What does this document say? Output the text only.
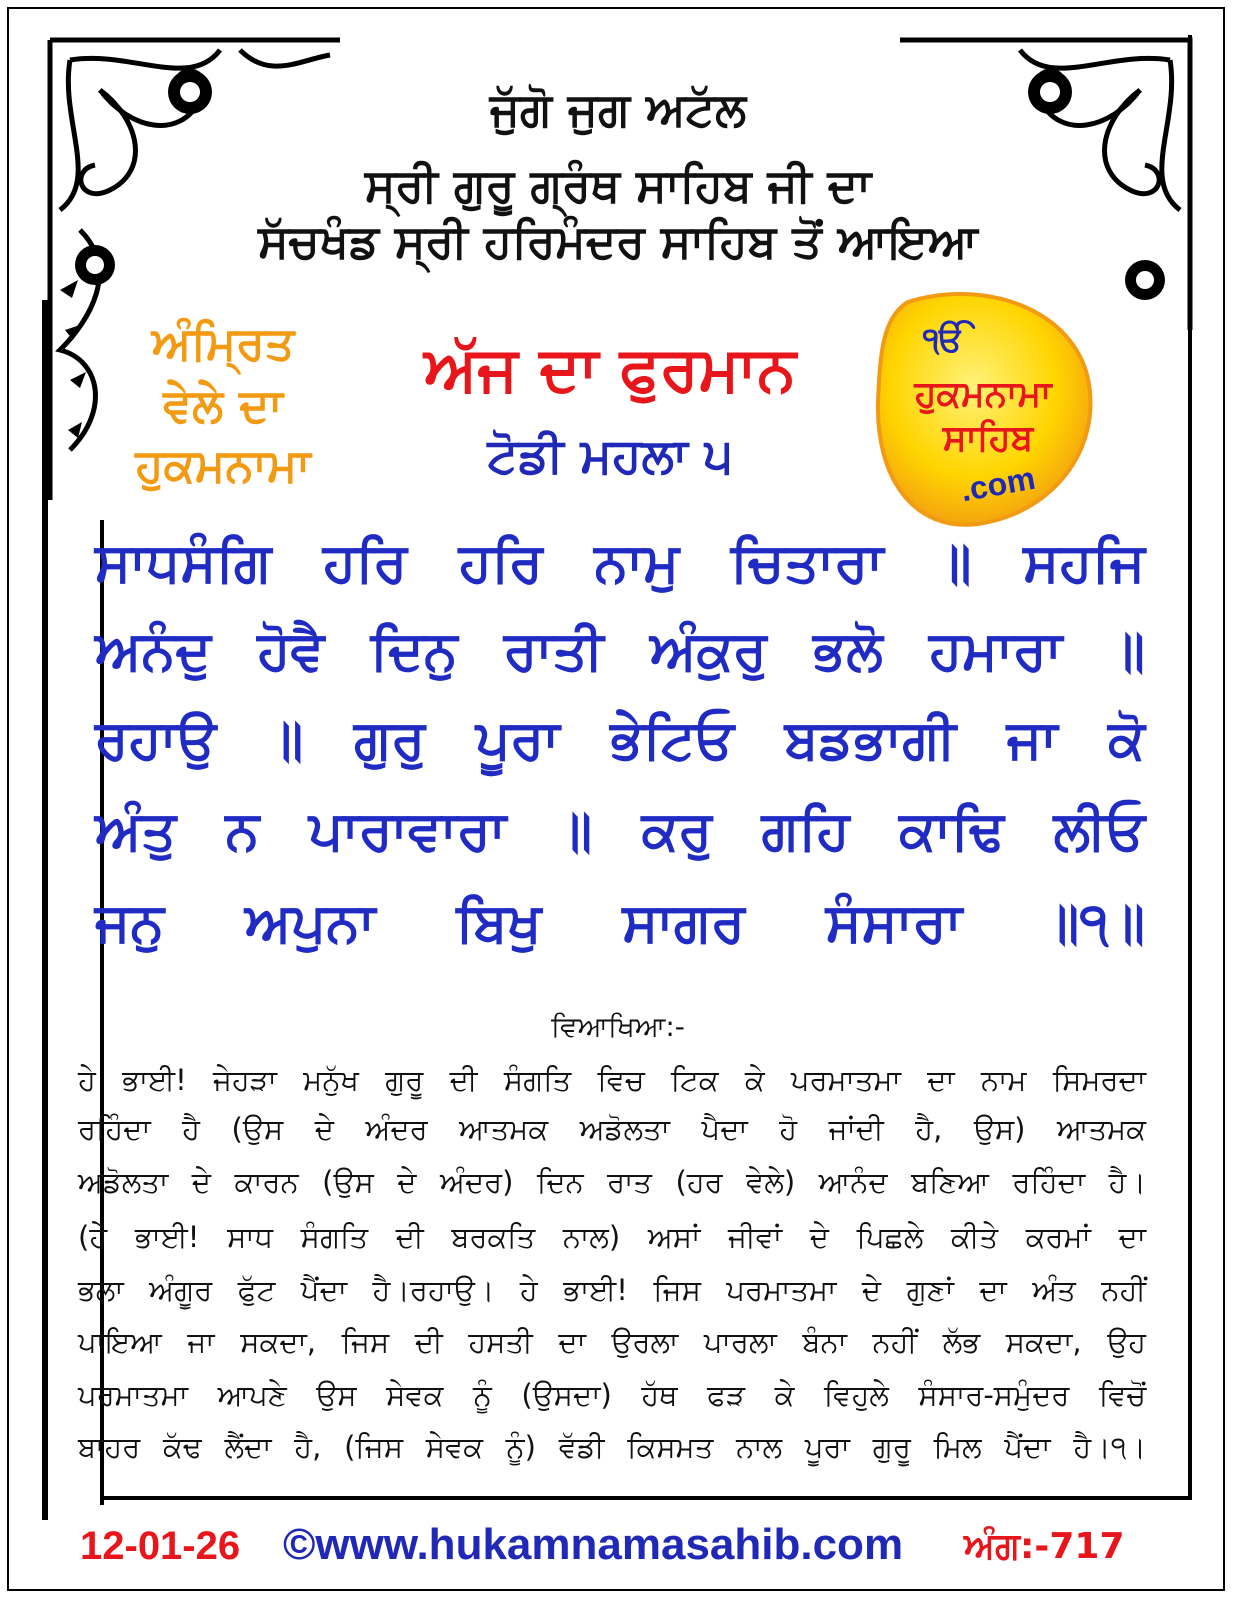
ਜੁੱਗੋ ਜੁਗ ਅਟੱਲ
ਸ੍ਰੀ ਗੁਰੂ ਗ੍ਰੰਥ ਸਾਹਿਬ ਜੀ ਦਾ
ਸੱਚਖੰਡ ਸ੍ਰੀ ਹਰਿਮੰਦਰ ਸਾਹਿਬ ਤੋਂ ਆਇਆ
ਅੰਮ੍ਰਿਤ
ਵੇਲੇ ਦਾ
ਹੁਕਮਨਾਮਾ
ਅੱਜ ਦਾ ਫੁਰਮਾਨ
ਟੋਡੀ ਮਹਲਾ ੫
ੴ
ਹੁਕਮਨਾਮਾ
ਸਾਹਿਬ
.com
ਸਾਧਸੰਗਿ ਹਰਿ ਹਰਿ ਨਾਮੁ ਚਿਤਾਰਾ ॥ ਸਹਜਿ
ਅਨੰਦੁ ਹੋਵੈ ਦਿਨੁ ਰਾਤੀ ਅੰਕੁਰੁ ਭਲੋ ਹਮਾਰਾ ॥
ਰਹਾਉ ॥ ਗੁਰੁ ਪੂਰਾ ਭੇਟਿਓ ਬਡਭਾਗੀ ਜਾ ਕੋ
ਅੰਤੁ ਨ ਪਾਰਾਵਾਰਾ ॥ ਕਰੁ ਗਹਿ ਕਾਢਿ ਲੀਓ
ਜਨੁ ਅਪੁਨਾ ਬਿਖੁ ਸਾਗਰ ਸੰਸਾਰਾ ॥੧॥
ਵਿਆਖਿਆ:-
ਹੇ ਭਾਈ! ਜੇਹੜਾ ਮਨੁੱਖ ਗੁਰੂ ਦੀ ਸੰਗਤਿ ਵਿਚ ਟਿਕ ਕੇ ਪਰਮਾਤਮਾ ਦਾ ਨਾਮ ਸਿਮਰਦਾ
ਰਹਿੰਦਾ ਹੈ (ਉਸ ਦੇ ਅੰਦਰ ਆਤਮਕ ਅਡੋਲਤਾ ਪੈਦਾ ਹੋ ਜਾਂਦੀ ਹੈ, ਉਸ) ਆਤਮਕ
ਅਡੋਲਤਾ ਦੇ ਕਾਰਨ (ਉਸ ਦੇ ਅੰਦਰ) ਦਿਨ ਰਾਤ (ਹਰ ਵੇਲੇ) ਆਨੰਦ ਬਣਿਆ ਰਹਿੰਦਾ ਹੈ।
(ਹੇ ਭਾਈ! ਸਾਧ ਸੰਗਤਿ ਦੀ ਬਰਕਤਿ ਨਾਲ) ਅਸਾਂ ਜੀਵਾਂ ਦੇ ਪਿਛਲੇ ਕੀਤੇ ਕਰਮਾਂ ਦਾ
ਭਲਾ ਅੰਗੂਰ ਫੁੱਟ ਪੈਂਦਾ ਹੈ।ਰਹਾਉ। ਹੇ ਭਾਈ! ਜਿਸ ਪਰਮਾਤਮਾ ਦੇ ਗੁਣਾਂ ਦਾ ਅੰਤ ਨਹੀਂ
ਪਾਇਆ ਜਾ ਸਕਦਾ, ਜਿਸ ਦੀ ਹਸਤੀ ਦਾ ਉਰਲਾ ਪਾਰਲਾ ਬੰਨਾ ਨਹੀਂ ਲੱਭ ਸਕਦਾ, ਉਹ
ਪਰਮਾਤਮਾ ਆਪਣੇ ਉਸ ਸੇਵਕ ਨੂੰ (ਉਸਦਾ) ਹੱਥ ਫੜ ਕੇ ਵਿਹੁਲੇ ਸੰਸਾਰ-ਸਮੁੰਦਰ ਵਿਚੋਂ
ਬਾਹਰ ਕੱਢ ਲੈਂਦਾ ਹੈ, (ਜਿਸ ਸੇਵਕ ਨੂੰ) ਵੱਡੀ ਕਿਸਮਤ ਨਾਲ ਪੂਰਾ ਗੁਰੂ ਮਿਲ ਪੈਂਦਾ ਹੈ।੧।
12-01-26 ©www.hukamnamasahib.com ਅੰਗ:-717
